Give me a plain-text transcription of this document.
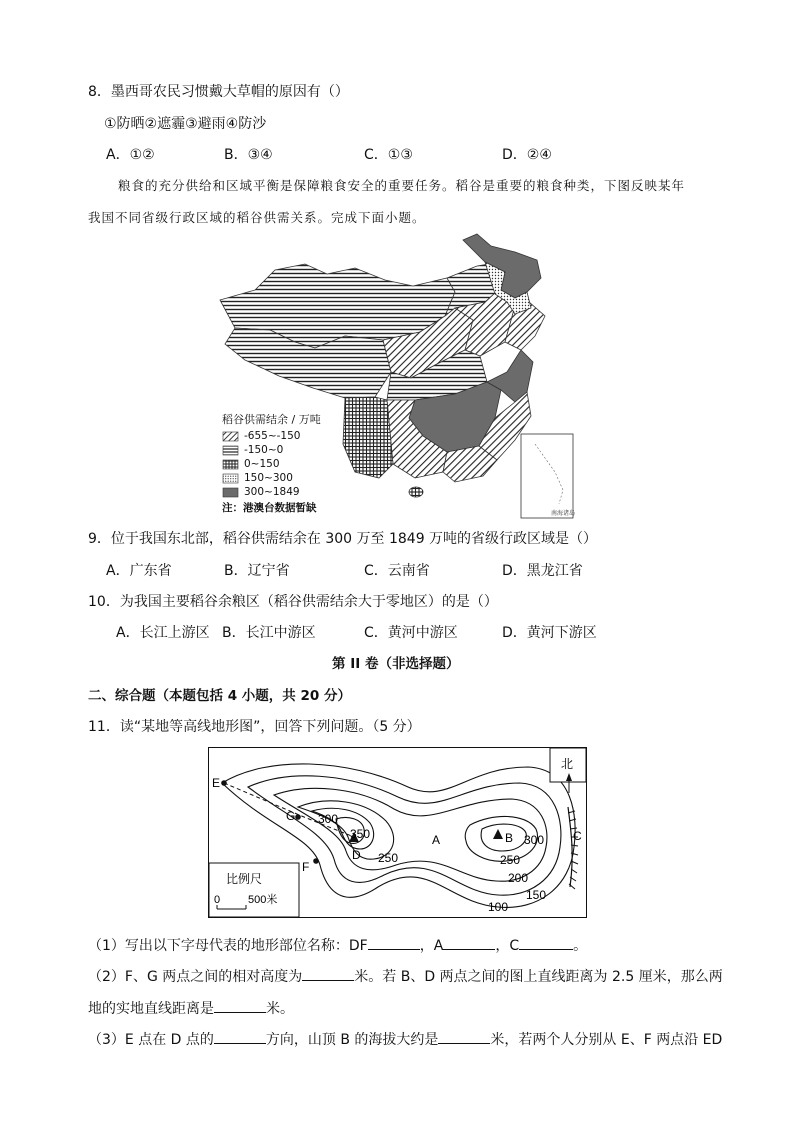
8．墨西哥农民习惯戴大草帽的原因有（）
①防晒②遮霾③避雨④防沙
A．①②	B．③④	C．①③	D．②④
粮食的充分供给和区域平衡是保障粮食安全的重要任务。稻谷是重要的粮食种类，下图反映某年
我国不同省级行政区域的稻谷供需关系。完成下面小题。
南海诸岛
稻谷供需结余 / 万吨
-655~-150
-150~0
0~150
150~300
300~1849
注：港澳台数据暂缺
9．位于我国东北部，稻谷供需结余在 300 万至 1849 万吨的省级行政区域是（）
A．广东省	B．辽宁省	C．云南省	D．黑龙江省
10．为我国主要稻谷余粮区（稻谷供需结余大于零地区）的是（）
A．长江上游区 B．长江中游区	C．黄河中游区	D．黄河下游区
第 II 卷（非选择题）
二、综合题（本题包括 4 小题，共 20 分）
11．读“某地等高线地形图”，回答下列问题。（5 分）
北
比例尺
0	500米
E
G
F
D
A	B	C
300
350
250
300
250
200
150
100
（1）写出以下字母代表的地形部位名称：DF	，A	，C	。
（2）F、G 两点之间的相对高度为	米。若 B、D 两点之间的图上直线距离为 2.5 厘米，那么两
地的实地直线距离是	米。
（3）E 点在 D 点的	方向，山顶 B 的海拔大约是	米，若两个人分别从 E、F 两点沿 ED
